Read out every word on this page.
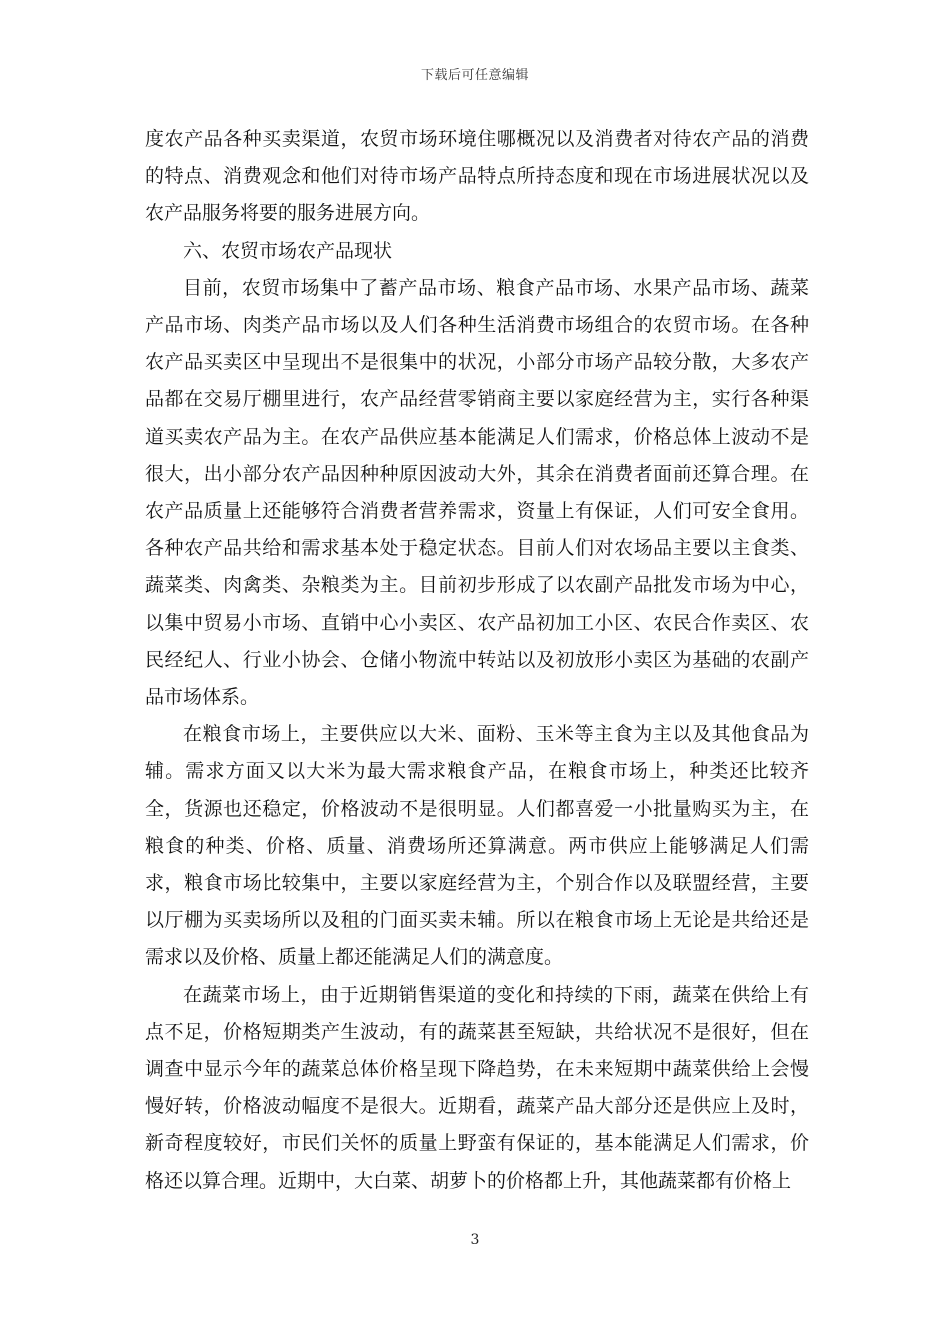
下载后可任意编辑

度农产品各种买卖渠道，农贸市场环境住哪概况以及消费者对待农产品的消费的特点、消费观念和他们对待市场产品特点所持态度和现在市场进展状况以及农产品服务将要的服务进展方向。

六、农贸市场农产品现状

目前，农贸市场集中了蓄产品市场、粮食产品市场、水果产品市场、蔬菜产品市场、肉类产品市场以及人们各种生活消费市场组合的农贸市场。在各种农产品买卖区中呈现出不是很集中的状况，小部分市场产品较分散，大多农产品都在交易厅棚里进行，农产品经营零销商主要以家庭经营为主，实行各种渠道买卖农产品为主。在农产品供应基本能满足人们需求，价格总体上波动不是很大，出小部分农产品因种种原因波动大外，其余在消费者面前还算合理。在农产品质量上还能够符合消费者营养需求，资量上有保证，人们可安全食用。各种农产品共给和需求基本处于稳定状态。目前人们对农场品主要以主食类、蔬菜类、肉禽类、杂粮类为主。目前初步形成了以农副产品批发市场为中心，以集中贸易小市场、直销中心小卖区、农产品初加工小区、农民合作卖区、农民经纪人、行业小协会、仓储小物流中转站以及初放形小卖区为基础的农副产品市场体系。

在粮食市场上，主要供应以大米、面粉、玉米等主食为主以及其他食品为辅。需求方面又以大米为最大需求粮食产品，在粮食市场上，种类还比较齐全，货源也还稳定，价格波动不是很明显。人们都喜爱一小批量购买为主，在粮食的种类、价格、质量、消费场所还算满意。两市供应上能够满足人们需求，粮食市场比较集中，主要以家庭经营为主，个别合作以及联盟经营，主要以厅棚为买卖场所以及租的门面买卖未辅。所以在粮食市场上无论是共给还是需求以及价格、质量上都还能满足人们的满意度。

在蔬菜市场上，由于近期销售渠道的变化和持续的下雨，蔬菜在供给上有点不足，价格短期类产生波动，有的蔬菜甚至短缺，共给状况不是很好，但在调查中显示今年的蔬菜总体价格呈现下降趋势，在未来短期中蔬菜供给上会慢慢好转，价格波动幅度不是很大。近期看，蔬菜产品大部分还是供应上及时，新奇程度较好，市民们关怀的质量上野蛮有保证的，基本能满足人们需求，价格还以算合理。近期中，大白菜、胡萝卜的价格都上升，其他蔬菜都有价格上

3
